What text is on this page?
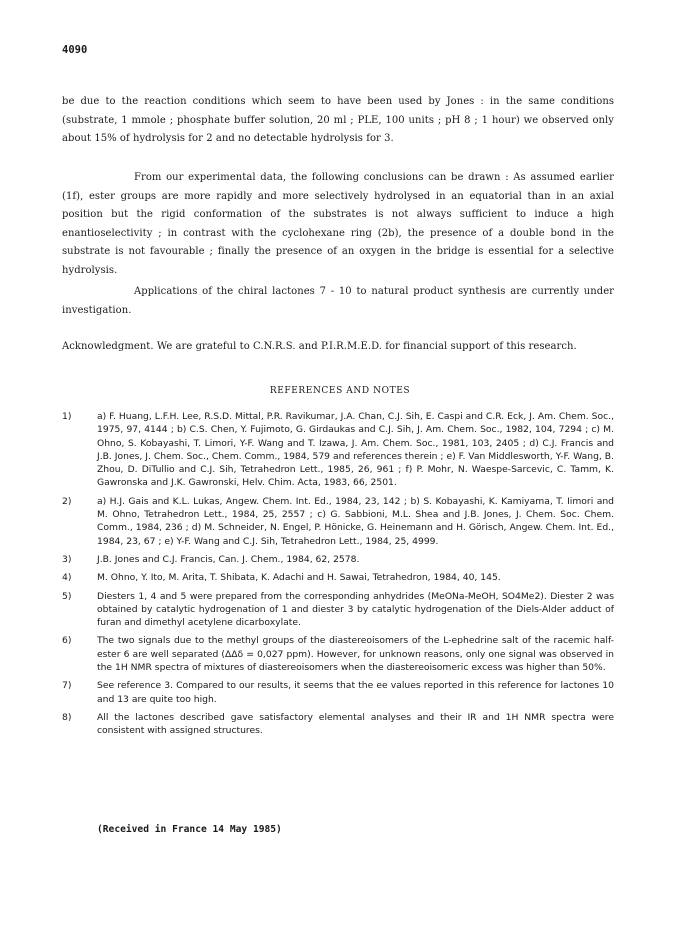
4090

be due to the reaction conditions which seem to have been used by Jones : in the same conditions (substrate, 1 mmole ; phosphate buffer solution, 20 ml ; PLE, 100 units ; pH 8 ; 1 hour) we observed only about 15% of hydrolysis for 2 and no detectable hydrolysis for 3.

From our experimental data, the following conclusions can be drawn : As assumed earlier (1f), ester groups are more rapidly and more selectively hydrolysed in an equatorial than in an axial position but the rigid conformation of the substrates is not always sufficient to induce a high enantioselectivity ; in contrast with the cyclohexane ring (2b), the presence of a double bond in the substrate is not favourable ; finally the presence of an oxygen in the bridge is essential for a selective hydrolysis.

Applications of the chiral lactones 7 - 10 to natural product synthesis are currently under investigation.

Acknowledgment. We are grateful to C.N.R.S. and P.I.R.M.E.D. for financial support of this research.

REFERENCES AND NOTES
1)	a) F. Huang, L.F.H. Lee, R.S.D. Mittal, P.R. Ravikumar, J.A. Chan, C.J. Sih, E. Caspi and C.R. Eck, J. Am. Chem. Soc., 1975, 97, 4144 ; b) C.S. Chen, Y. Fujimoto, G. Girdaukas and C.J. Sih, J. Am. Chem. Soc., 1982, 104, 7294 ; c) M. Ohno, S. Kobayashi, T. Limori, Y-F. Wang and T. Izawa, J. Am. Chem. Soc., 1981, 103, 2405 ; d) C.J. Francis and J.B. Jones, J. Chem. Soc., Chem. Comm., 1984, 579 and references therein ; e) F. Van Middlesworth, Y-F. Wang, B. Zhou, D. DiTullio and C.J. Sih, Tetrahedron Lett., 1985, 26, 961 ; f) P. Mohr, N. Waespe-Sarcevic, C. Tamm, K. Gawronska and J.K. Gawronski, Helv. Chim. Acta, 1983, 66, 2501.
2)	a) H.J. Gais and K.L. Lukas, Angew. Chem. Int. Ed., 1984, 23, 142 ; b) S. Kobayashi, K. Kamiyama, T. Iimori and M. Ohno, Tetrahedron Lett., 1984, 25, 2557 ; c) G. Sabbioni, M.L. Shea and J.B. Jones, J. Chem. Soc. Chem. Comm., 1984, 236 ; d) M. Schneider, N. Engel, P. Hönicke, G. Heinemann and H. Görisch, Angew. Chem. Int. Ed., 1984, 23, 67 ; e) Y-F. Wang and C.J. Sih, Tetrahedron Lett., 1984, 25, 4999.
3)	J.B. Jones and C.J. Francis, Can. J. Chem., 1984, 62, 2578.
4)	M. Ohno, Y. Ito, M. Arita, T. Shibata, K. Adachi and H. Sawai, Tetrahedron, 1984, 40, 145.
5)	Diesters 1, 4 and 5 were prepared from the corresponding anhydrides (MeONa-MeOH, SO4Me2). Diester 2 was obtained by catalytic hydrogenation of 1 and diester 3 by catalytic hydrogenation of the Diels-Alder adduct of furan and dimethyl acetylene dicarboxylate.
6)	The two signals due to the methyl groups of the diastereoisomers of the L-ephedrine salt of the racemic half-ester 6 are well separated (ΔΔδ = 0,027 ppm). However, for unknown reasons, only one signal was observed in the 1H NMR spectra of mixtures of diastereoisomers when the diastereoisomeric excess was higher than 50%.
7)	See reference 3. Compared to our results, it seems that the ee values reported in this reference for lactones 10 and 13 are quite too high.
8)	All the lactones described gave satisfactory elemental analyses and their IR and 1H NMR spectra were consistent with assigned structures.
(Received in France 14 May 1985)
